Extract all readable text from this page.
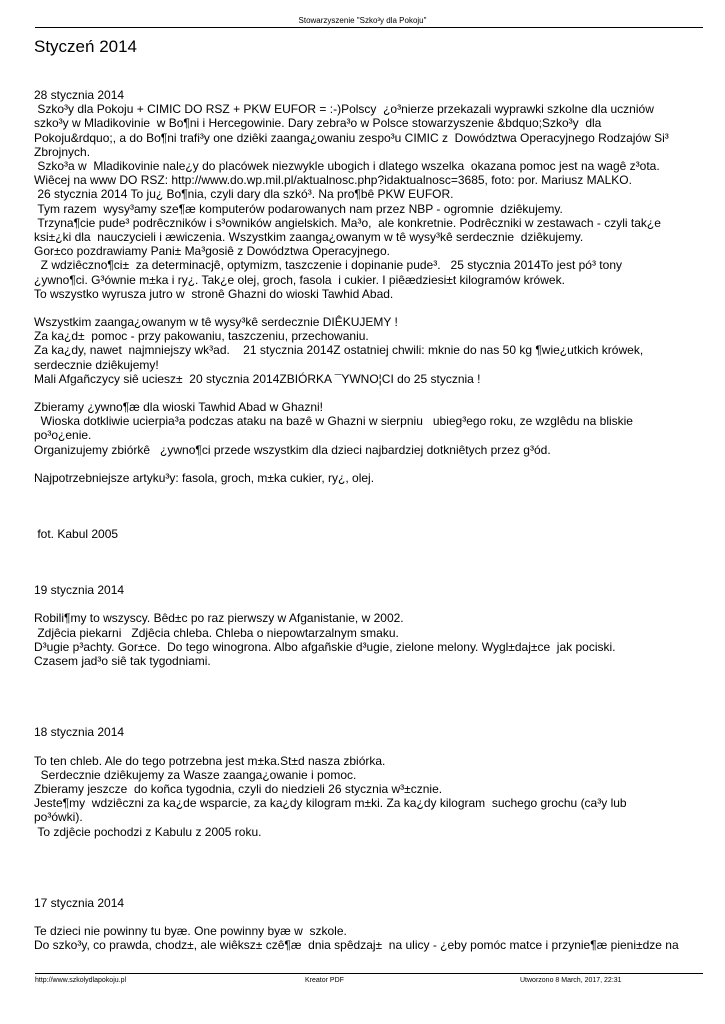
Stowarzyszenie "Szko³y dla Pokoju"
Styczeń 2014
28 stycznia 2014

Szko³y dla Pokoju + CIMIC DO RSZ + PKW EUFOR = :-)Polscy  ¿o³nierze przekazali wyprawki szkolne dla uczniów

szko³y w Mladikovinie  w Bo¶ni i Hercegowinie. Dary zebra³o w Polsce stowarzyszenie &bdquo;Szko³y  dla

Pokoju&rdquo;, a do Bo¶ni trafi³y one dziêki zaanga¿owaniu zespo³u CIMIC z  Dowództwa Operacyjnego Rodzajów Si³

Zbrojnych.

Szko³a w  Mladikovinie nale¿y do placówek niezwykle ubogich i dlatego wszelka  okazana pomoc jest na wagê z³ota.

Wiêcej na www DO RSZ: http://www.do.wp.mil.pl/aktualnosc.php?idaktualnosc=3685, foto: por. Mariusz MALKO.

26 stycznia 2014 To ju¿ Bo¶nia, czyli dary dla szkó³. Na pro¶bê PKW EUFOR.

Tym razem  wysy³amy sze¶æ komputerów podarowanych nam przez NBP - ogromnie  dziêkujemy.

Trzyna¶cie pude³ podrêczników i s³owników angielskich. Ma³o,  ale konkretnie. Podrêczniki w zestawach - czyli tak¿e

ksi±¿ki dla  nauczycieli i æwiczenia. Wszystkim zaanga¿owanym w tê wysy³kê serdecznie  dziêkujemy.

Gor±co pozdrawiamy Pani± Ma³gosiê z Dowództwa Operacyjnego.

Z wdziêczno¶ci±  za determinacjê, optymizm, taszczenie i dopinanie pude³.   25 stycznia 2014To jest pó³ tony

¿ywno¶ci. G³ównie m±ka i ry¿. Tak¿e olej, groch, fasola  i cukier. I piêædziesi±t kilogramów krówek.

To wszystko wyrusza jutro w  stronê Ghazni do wioski Tawhid Abad.

Wszystkim zaanga¿owanym w tê wysy³kê serdecznie DIÊKUJEMY !

Za ka¿d±  pomoc - przy pakowaniu, taszczeniu, przechowaniu.

Za ka¿dy, nawet  najmniejszy wk³ad.    21 stycznia 2014Z ostatniej chwili: mknie do nas 50 kg ¶wie¿utkich krówek,

serdecznie dziêkujemy!

Mali Afgañczycy siê uciesz±  20 stycznia 2014ZBIÓRKA ¯YWNO¦CI do 25 stycznia !

Zbieramy ¿ywno¶æ dla wioski Tawhid Abad w Ghazni!

Wioska dotkliwie ucierpia³a podczas ataku na bazê w Ghazni w sierpniu   ubieg³ego roku, ze wzglêdu na bliskie

po³o¿enie.

Organizujemy zbiórkê   ¿ywno¶ci przede wszystkim dla dzieci najbardziej dotkniêtych przez g³ód.

Najpotrzebniejsze artyku³y: fasola, groch, m±ka cukier, ry¿, olej.

fot. Kabul 2005

19 stycznia 2014

Robili¶my to wszyscy. Bêd±c po raz pierwszy w Afganistanie, w 2002.

Zdjêcia piekarni   Zdjêcia chleba. Chleba o niepowtarzalnym smaku.

D³ugie p³achty. Gor±ce.  Do tego winogrona. Albo afgañskie d³ugie, zielone melony. Wygl±daj±ce  jak pociski.

Czasem jad³o siê tak tygodniami.

18 stycznia 2014

To ten chleb. Ale do tego potrzebna jest m±ka.St±d nasza zbiórka.

Serdecznie dziêkujemy za Wasze zaanga¿owanie i pomoc.

Zbieramy jeszcze  do koñca tygodnia, czyli do niedzieli 26 stycznia w³±cznie.

Jeste¶my  wdziêczni za ka¿de wsparcie, za ka¿dy kilogram m±ki. Za ka¿dy kilogram  suchego grochu (ca³y lub

po³ówki).

To zdjêcie pochodzi z Kabulu z 2005 roku.

17 stycznia 2014

Te dzieci nie powinny tu byæ. One powinny byæ w  szkole.

Do szko³y, co prawda, chodz±, ale wiêksz± czê¶æ  dnia spêdzaj±  na ulicy - ¿eby pomóc matce i przynie¶æ pieni±dze na

http://www.szkolydlapokoju.pl	Kreator PDF	Utworzono 8 March, 2017, 22:31
